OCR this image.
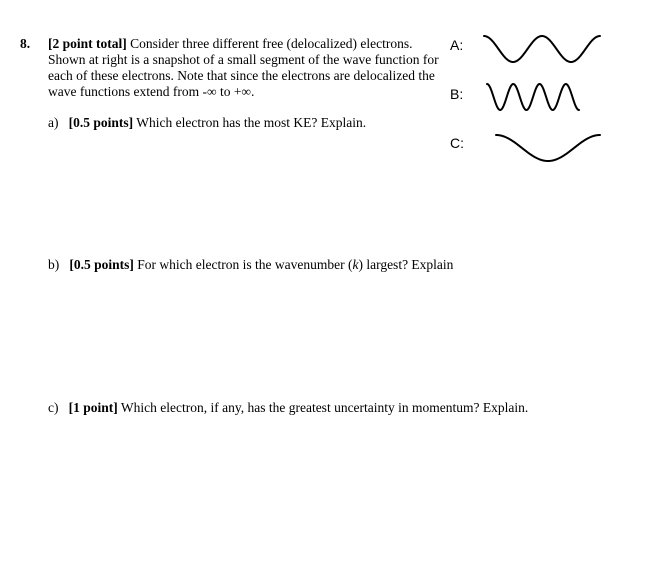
8. [2 point total] Consider three different free (delocalized) electrons. Shown at right is a snapshot of a small segment of the wave function for each of these electrons. Note that since the electrons are delocalized the wave functions extend from -∞ to +∞.
a) [0.5 points] Which electron has the most KE? Explain.
b) [0.5 points] For which electron is the wavenumber (k) largest? Explain
c) [1 point] Which electron, if any, has the greatest uncertainty in momentum? Explain.
A:
B:
C:
